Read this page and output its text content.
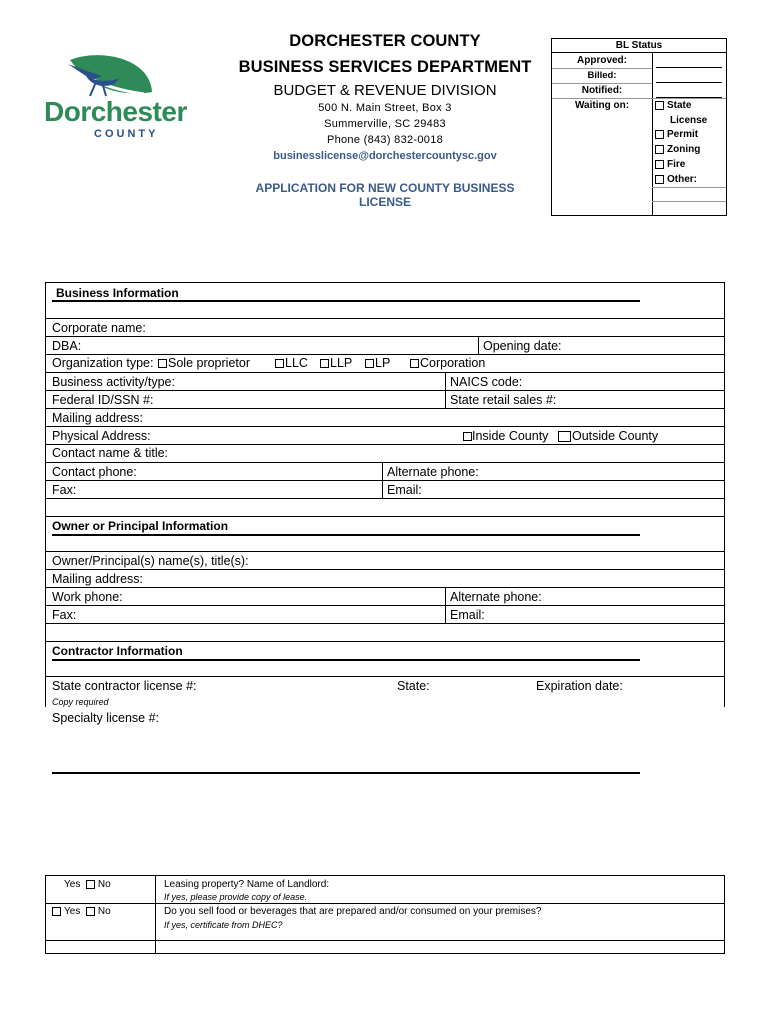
Dorchester
COUNTY
DORCHESTER COUNTY
BUSINESS SERVICES DEPARTMENT
BUDGET & REVENUE DIVISION
500 N. Main Street, Box 3
Summerville, SC 29483
Phone (843) 832-0018
businesslicense@dorchestercountysc.gov
APPLICATION FOR NEW COUNTY BUSINESS LICENSE
BL Status
Approved:
Billed:
Notified:
Waiting on:	State
License
Permit
Zoning
Fire
Other:
Business Information
Corporate name:
DBA:	Opening date:
Organization type:	Sole proprietor	LLC	LLP	LP	Corporation
Business activity/type:	NAICS code:
Federal ID/SSN #:	State retail sales #:
Mailing address:
Physical Address:	Inside County	Outside County
Contact name & title:
Contact phone:	Alternate phone:
Fax:	Email:
Owner or Principal Information
Owner/Principal(s) name(s), title(s):
Mailing address:
Work phone:	Alternate phone:
Fax:	Email:
Contractor Information
State contractor license #:	State:	Expiration date:
Copy required
Specialty license #:
Yes No	Leasing property? Name of Landlord:
If yes, please provide copy of lease.
Yes No	Do you sell food or beverages that are prepared and/or consumed on your premises?
If yes, certificate from DHEC?
